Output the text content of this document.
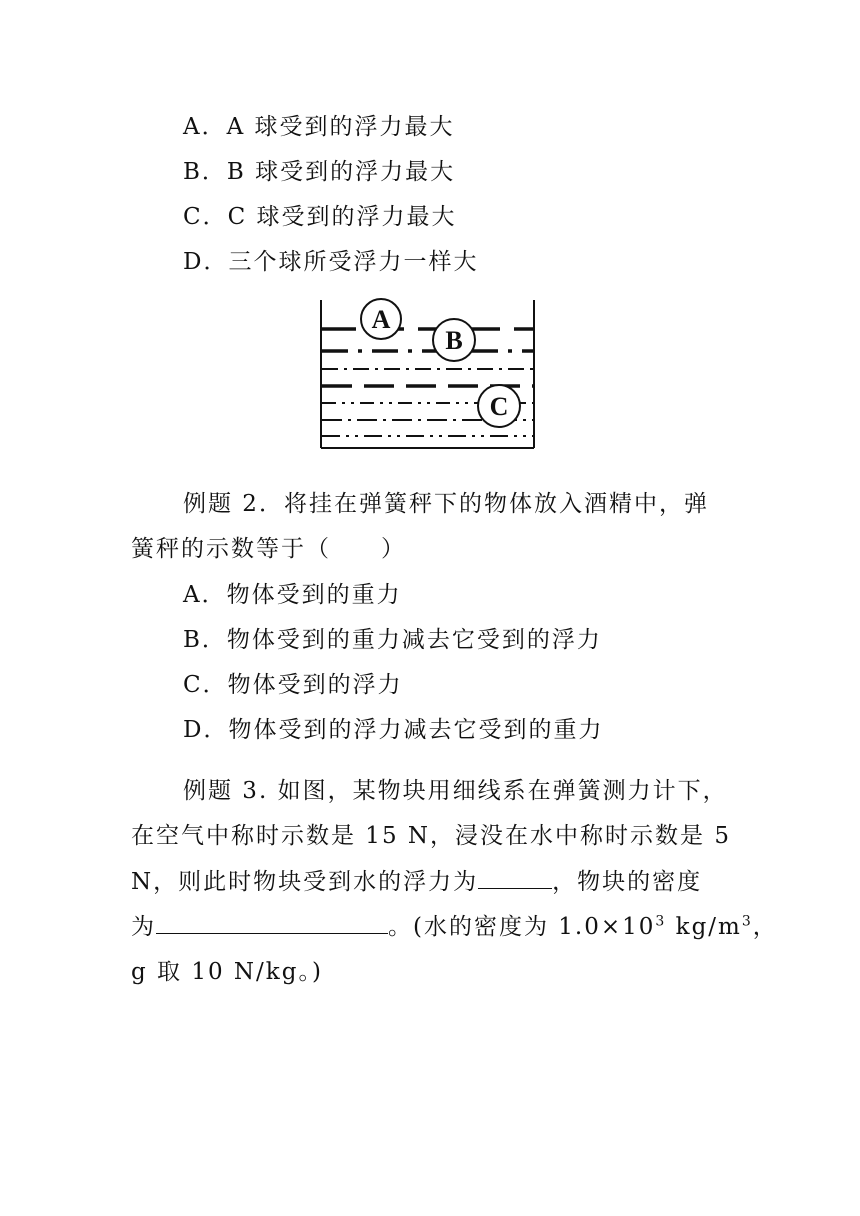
A．A 球受到的浮力最大
B．B 球受到的浮力最大
C．C 球受到的浮力最大
D．三个球所受浮力一样大
A
B
C
例题 2．将挂在弹簧秤下的物体放入酒精中，弹
簧秤的示数等于（　　）
A．物体受到的重力
B．物体受到的重力减去它受到的浮力
C．物体受到的浮力
D．物体受到的浮力减去它受到的重力
例题 3. 如图，某物块用细线系在弹簧测力计下，
在空气中称时示数是 15 N，浸没在水中称时示数是 5
N，则此时物块受到水的浮力为	，物块的密度
为	。(水的密度为 $1.0\times 10^3$ $kg/m^3$，
g 取 10 N/kg。)
